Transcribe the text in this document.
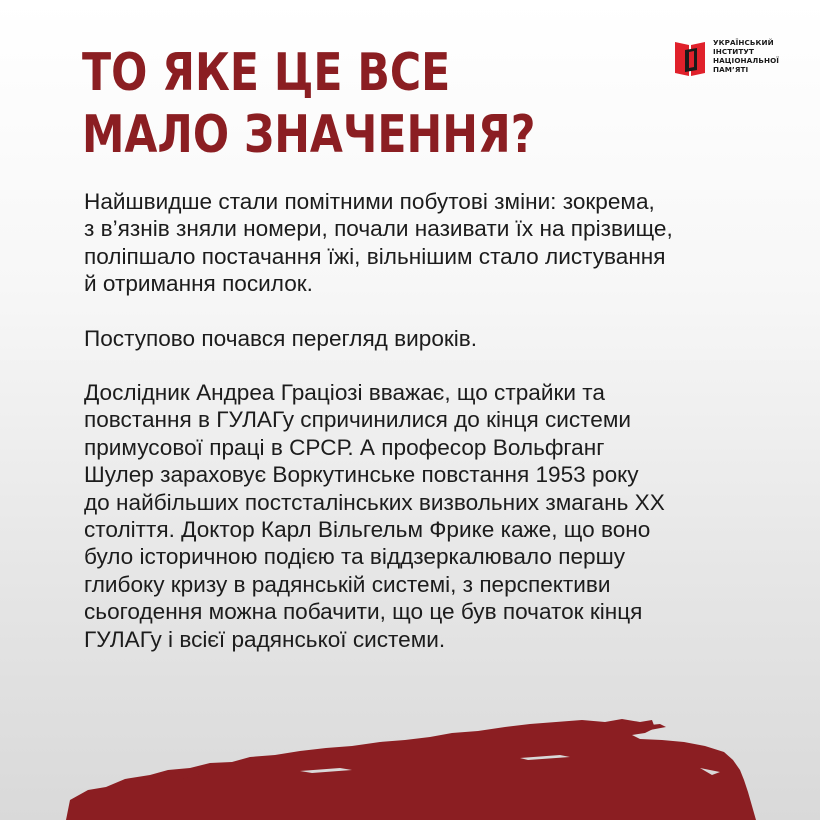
ТО ЯКЕ ЦЕ ВСЕ
МАЛО ЗНАЧЕННЯ?
УКРАЇНСЬКИЙ
ІНСТИТУТ
НАЦІОНАЛЬНОЇ
ПАМ’ЯТІ

Найшвидше стали помітними побутові зміни: зокрема,
з в’язнів зняли номери, почали називати їх на прізвище,
поліпшало постачання їжі, вільнішим стало листування
й отримання посилок.

Поступово почався перегляд вироків.

Дослідник Андреа Граціозі вважає, що страйки та
повстання в ГУЛАГу спричинилися до кінця системи
примусової праці в СРСР. А професор Вольфганг
Шулер зараховує Воркутинське повстання 1953 року
до найбільших постсталінських визвольних змагань ХХ
століття. Доктор Карл Вільгельм Фрике каже, що воно
було історичною подією та віддзеркалювало першу
глибоку кризу в радянській системі, з перспективи
сьогодення можна побачити, що це був початок кінця
ГУЛАГу і всієї радянської системи.
